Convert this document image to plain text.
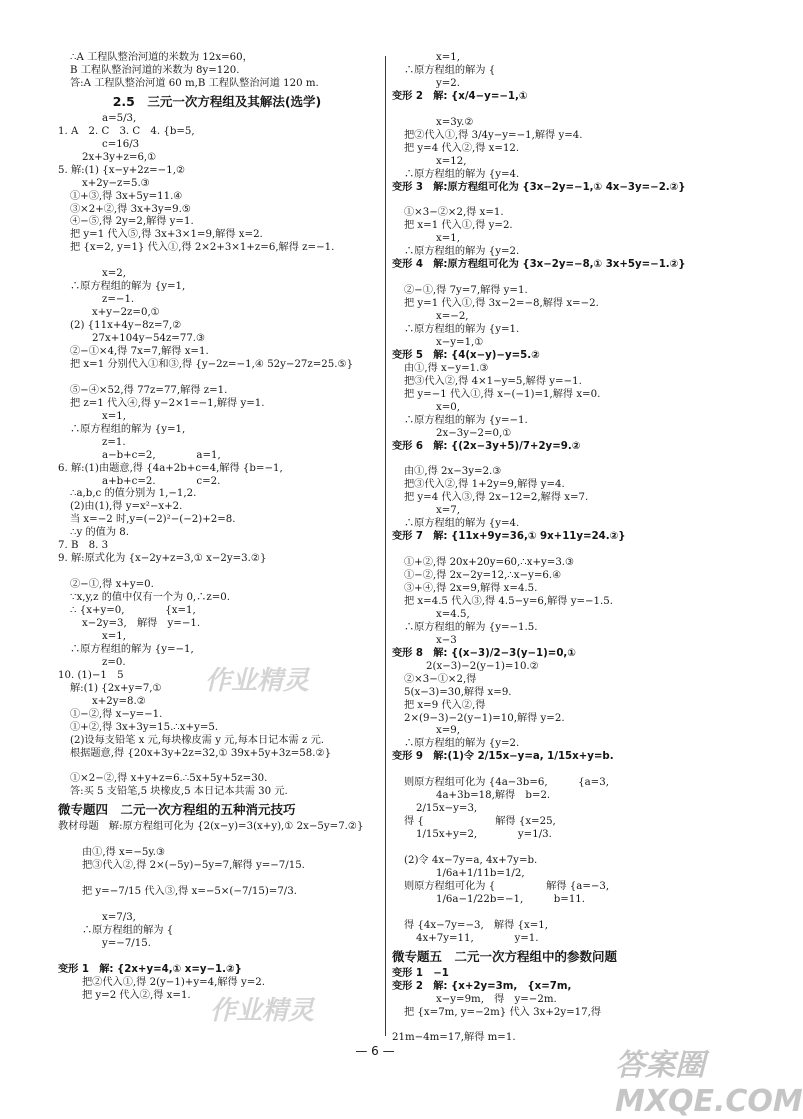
∴A 工程队整治河道的米数为 12x=60，
B 工程队整治河道的米数为 8y=120.
答:A 工程队整治河道 60 m,B 工程队整治河道 120 m.
2.5　三元一次方程组及其解法(选学)
a=5/3,
1. A　2. C　3. C　4. {b=5,
c=16/3
2x+3y+z=6,①
5. 解:(1) {x−y+2z=−1,②
x+2y−z=5.③
①+③,得 3x+5y=11.④
③×2+②,得 3x+3y=9.⑤
④−⑤,得 2y=2,解得 y=1.
把 y=1 代入⑤,得 3x+3×1=9,解得 x=2.
把 {x=2, y=1} 代入①,得 2×2+3×1+z=6,解得 z=−1.
x=2,
∴原方程组的解为 {y=1,
z=−1.
x+y−2z=0,①
(2) {11x+4y−8z=7,②
27x+104y−54z=77.③
②−①×4,得 7x=7,解得 x=1.
把 x=1 分别代入①和③,得 {y−2z=−1,④ 52y−27z=25.⑤}
⑤−④×52,得 77z=77,解得 z=1.
把 z=1 代入④,得 y−2×1=−1,解得 y=1.
x=1,
∴原方程组的解为 {y=1,
z=1.
a−b+c=2,　　　　a=1,
6. 解:(1)由题意,得 {4a+2b+c=4,解得 {b=−1,
a+b+c=2.　　　　c=2.
∴a,b,c 的值分别为 1,−1,2.
(2)由(1),得 y=x²−x+2.
当 x=−2 时,y=(−2)²−(−2)+2=8.
∴y 的值为 8.
7. B　8. 3
9. 解:原式化为 {x−2y+z=3,① x−2y=3.②}
②−①,得 x+y=0.
∵x,y,z 的值中仅有一个为 0,∴z=0.
∴ {x+y=0,　　　　{x=1,
x−2y=3,　解得　y=−1.
x=1,
∴原方程组的解为 {y=−1,
z=0.
10. (1)−1　5
解:(1) {2x+y=7,①
x+2y=8.②
①−②,得 x−y=−1.
①+②,得 3x+3y=15.∴x+y=5.
(2)设每支铅笔 x 元,每块橡皮需 y 元,每本日记本需 z 元.
根据题意,得 {20x+3y+2z=32,① 39x+5y+3z=58.②}
①×2−②,得 x+y+z=6.∴5x+5y+5z=30.
答:买 5 支铅笔,5 块橡皮,5 本日记本共需 30 元.
微专题四　二元一次方程组的五种消元技巧
教材母题　解:原方程组可化为 {2(x−y)=3(x+y),① 2x−5y=7.②}
由①,得 x=−5y.③
把③代入②,得 2×(−5y)−5y=7,解得 y=−7/15.
把 y=−7/15 代入③,得 x=−5×(−7/15)=7/3.
x=7/3,
∴原方程组的解为 {
y=−7/15.
变形 1　解: {2x+y=4,① x=y−1.②}
把②代入①,得 2(y−1)+y=4,解得 y=2.
把 y=2 代入②,得 x=1.
x=1,
∴原方程组的解为 {
y=2.
变形 2　解: {x/4−y=−1,①
x=3y.②
把②代入①,得 3/4y−y=−1,解得 y=4.
把 y=4 代入②,得 x=12.
x=12,
∴原方程组的解为 {y=4.
变形 3　解:原方程组可化为 {3x−2y=−1,① 4x−3y=−2.②}
①×3−②×2,得 x=1.
把 x=1 代入①,得 y=2.
x=1,
∴原方程组的解为 {y=2.
变形 4　解:原方程组可化为 {3x−2y=−8,① 3x+5y=−1.②}
②−①,得 7y=7,解得 y=1.
把 y=1 代入①,得 3x−2=−8,解得 x=−2.
x=−2,
∴原方程组的解为 {y=1.
x−y=1,①
变形 5　解: {4(x−y)−y=5.②
由①,得 x−y=1.③
把③代入②,得 4×1−y=5,解得 y=−1.
把 y=−1 代入①,得 x−(−1)=1,解得 x=0.
x=0,
∴原方程组的解为 {y=−1.
2x−3y−2=0,①
变形 6　解: {(2x−3y+5)/7+2y=9.②
由①,得 2x−3y=2.③
把③代入②,得 1+2y=9,解得 y=4.
把 y=4 代入③,得 2x−12=2,解得 x=7.
x=7,
∴原方程组的解为 {y=4.
变形 7　解: {11x+9y=36,① 9x+11y=24.②}
①+②,得 20x+20y=60,∴x+y=3.③
①−②,得 2x−2y=12,∴x−y=6.④
③+④,得 2x=9,解得 x=4.5.
把 x=4.5 代入③,得 4.5−y=6,解得 y=−1.5.
x=4.5,
∴原方程组的解为 {y=−1.5.
x−3
变形 8　解: {(x−3)/2−3(y−1)=0,①
2(x−3)−2(y−1)=10.②
②×3−①×2,得
5(x−3)=30,解得 x=9.
把 x=9 代入②,得
2×(9−3)−2(y−1)=10,解得 y=2.
x=9,
∴原方程组的解为 {y=2.
变形 9　解:(1)令 2/15x−y=a, 1/15x+y=b.
则原方程组可化为 {4a−3b=6,　　　{a=3,
4a+3b=18,解得　b=2.
2/15x−y=3,
得 {　　　　　　　解得 {x=25,
1/15x+y=2,　　　　y=1/3.
(2)令 4x−7y=a, 4x+7y=b.
1/6a+1/11b=1/2,
则原方程组可化为 {　　　　　解得 {a=−3,
1/6a−1/22b=−1,　　　b=11.
得 {4x−7y=−3,　解得 {x=1,
4x+7y=11,　　　　y=1.
微专题五　二元一次方程组中的参数问题
变形 1　−1
变形 2　解: {x+2y=3m,　{x=7m,
x−y=9m,　得　y=−2m.
把 {x=7m, y=−2m} 代入 3x+2y=17,得
21m−4m=17,解得 m=1.
作业精灵
作业精灵
答案圈 MXQE.COM
— 6 —
